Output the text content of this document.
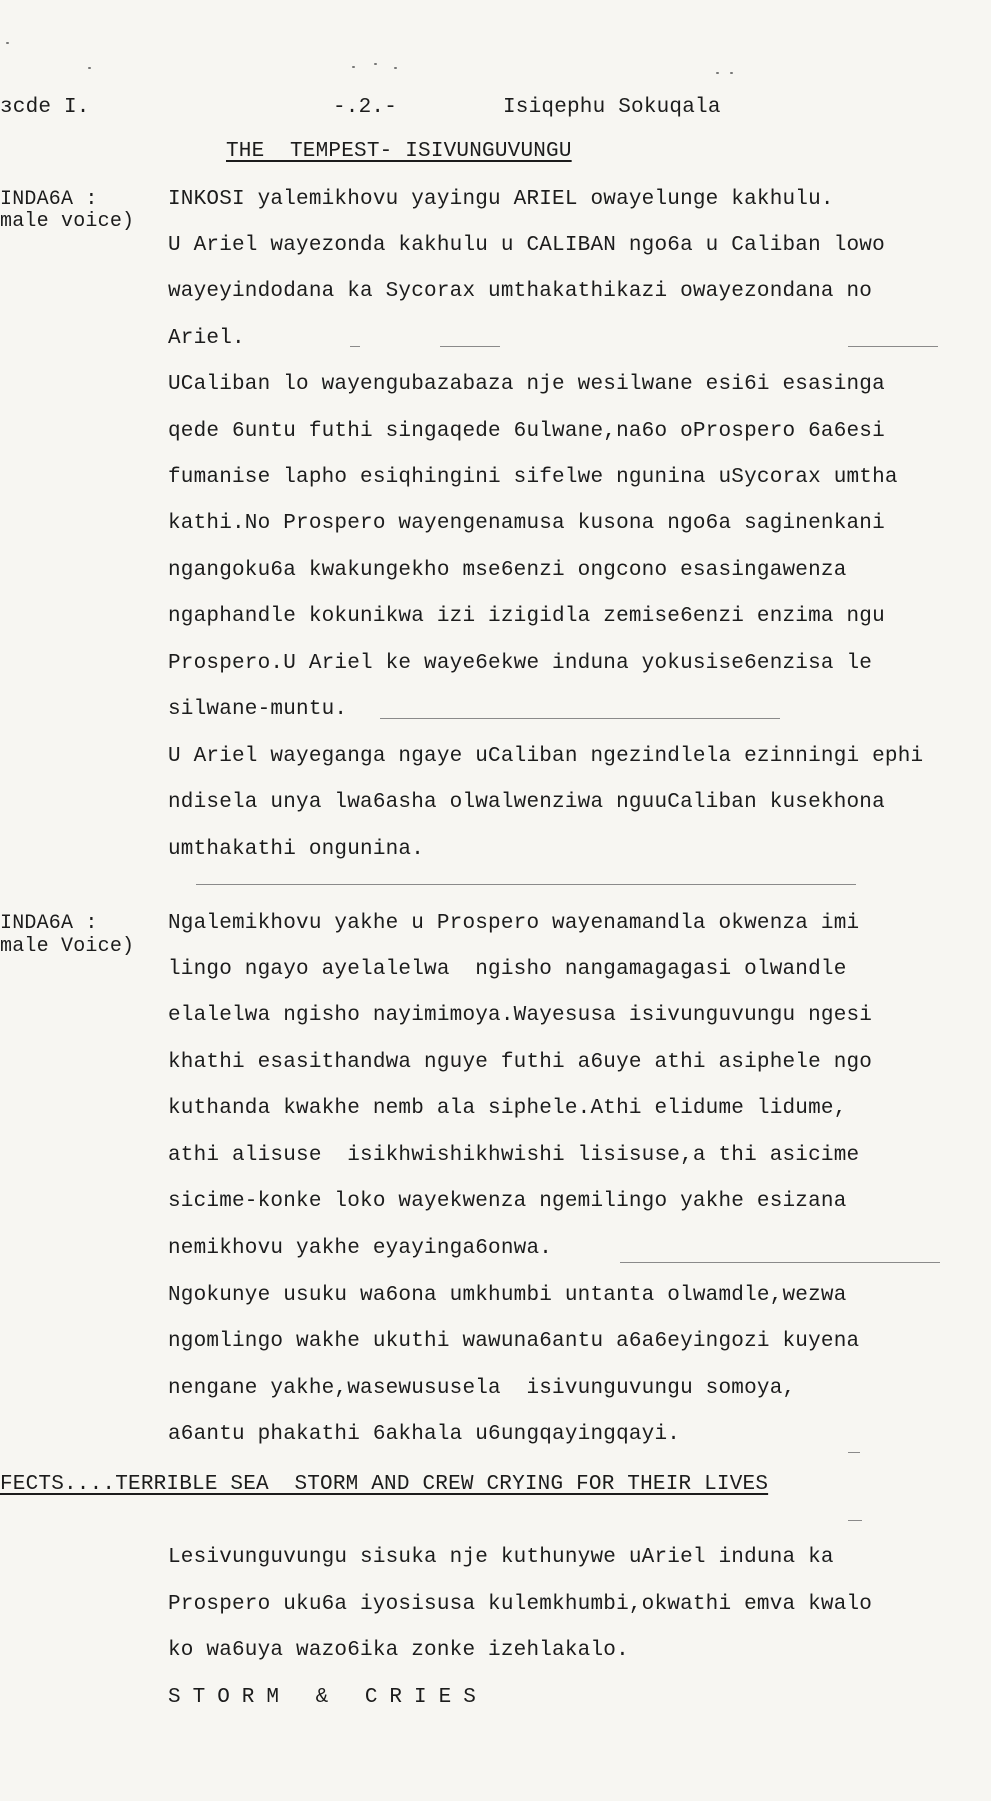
ɜcde I.	-.2.-	Isiqephu Sokuqala
THE  TEMPEST- ISIVUNGUVUNGU
INDA6A :
male voice)
INKOSI yalemikhovu yayingu ARIEL owayelunge kakhulu.
U Ariel wayezonda kakhulu u CALIBAN ngo6a u Caliban lowo
wayeyindodana ka Sycorax umthakathikazi owayezondana no
Ariel.
UCaliban lo wayengubazabaza nje wesilwane esi6i esasinga
qede 6untu futhi singaqede 6ulwane,na6o oProspero 6a6esi
fumanise lapho esiqhingini sifelwe ngunina uSycorax umtha
kathi.No Prospero wayengenamusa kusona ngo6a saginenkani
ngangoku6a kwakungekho mse6enzi ongcono esasingawenza
ngaphandle kokunikwa izi izigidla zemise6enzi enzima ngu
Prospero.U Ariel ke waye6ekwe induna yokusise6enzisa le
silwane-muntu.
U Ariel wayeganga ngaye uCaliban ngezindlela ezinningi ephi
ndisela unya lwa6asha olwalwenziwa nguuCaliban kusekhona
umthakathi ongunina.
INDA6A :
male Voice)
Ngalemikhovu yakhe u Prospero wayenamandla okwenza imi
lingo ngayo ayelalelwa  ngisho nangamagagasi olwandle
elalelwa ngisho nayimimoya.Wayesusa isivunguvungu ngesi
khathi esasithandwa nguye futhi a6uye athi asiphele ngo
kuthanda kwakhe nemb ala siphele.Athi elidume lidume,
athi alisuse  isikhwishikhwishi lisisuse,a thi asicime
sicime-konke loko wayekwenza ngemilingo yakhe esizana
nemikhovu yakhe eyayinga6onwa.
Ngokunye usuku wa6ona umkhumbi untanta olwamdle,wezwa
ngomlingo wakhe ukuthi wawuna6antu a6a6eyingozi kuyena
nengane yakhe,wasewususela  isivunguvungu somoya,
a6antu phakathi 6akhala u6ungqayingqayi.
FECTS....TERRIBLE SEA  STORM AND CREW CRYING FOR THEIR LIVES
Lesivunguvungu sisuka nje kuthunywe uAriel induna ka
Prospero uku6a iyosisusa kulemkhumbi,okwathi emva kwalo
ko wa6uya wazo6ika zonke izehlakalo.
STORM & CRIES
